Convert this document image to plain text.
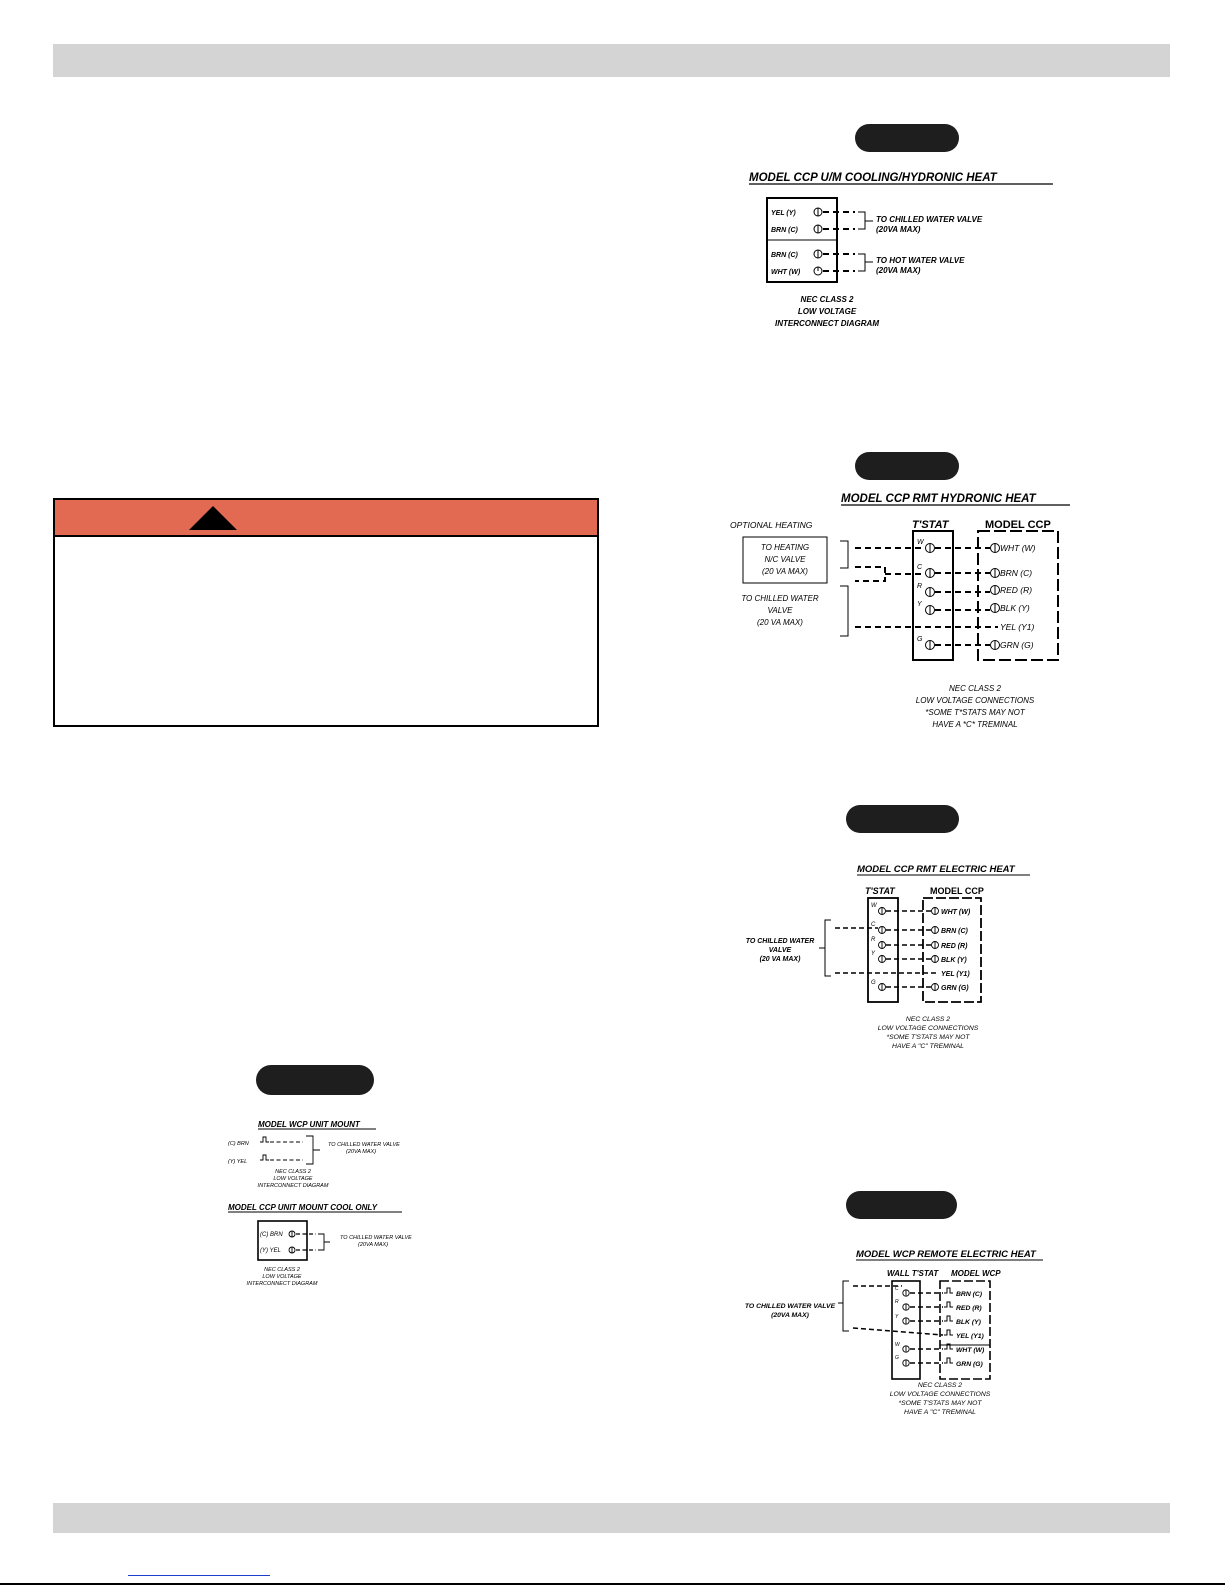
MODEL CCP U/M COOLING/HYDRONIC HEAT
YEL (Y)
BRN (C)
BRN (C)
WHT (W)
TO CHILLED WATER VALVE
(20VA MAX)
TO HOT WATER VALVE
(20VA MAX)
NEC CLASS 2
LOW VOLTAGE
INTERCONNECT DIAGRAM
MODEL CCP RMT HYDRONIC HEAT
OPTIONAL HEATING	T'STAT	MODEL CCP
TO HEATING
N/C VALVE
(20 VA MAX)
TO CHILLED WATER
VALVE
(20 VA MAX)
W
C
R
Y
G
WHT (W)
BRN (C)
RED (R)
BLK (Y)
YEL (Y1)
GRN (G)
NEC CLASS 2
LOW VOLTAGE CONNECTIONS
*SOME T*STATS MAY NOT
HAVE A *C* TREMINAL
MODEL CCP RMT ELECTRIC HEAT
T'STAT	MODEL CCP
W
C
R
Y
G
WHT (W)
BRN (C)
RED (R)
BLK (Y)
YEL (Y1)
GRN (G)
TO CHILLED WATER
VALVE
(20 VA MAX)
NEC CLASS 2
LOW VOLTAGE CONNECTIONS
*SOME T'STATS MAY NOT
HAVE A "C" TREMINAL
MODEL WCP REMOTE ELECTRIC HEAT
WALL T'STAT MODEL WCP
C
R
Y
W
G
BRN (C)
RED (R)
BLK (Y)
YEL (Y1)
WHT (W)
GRN (G)
TO CHILLED WATER VALVE
(20VA MAX)
NEC CLASS 2
LOW VOLTAGE CONNECTIONS
*SOME T'STATS MAY NOT
HAVE A "C" TREMINAL
MODEL WCP UNIT MOUNT
(C) BRN
(Y) YEL
TO CHILLED WATER VALVE
(20VA MAX)
NEC CLASS 2
LOW VOLTAGE
INTERCONNECT DIAGRAM
MODEL CCP UNIT MOUNT COOL ONLY
(C) BRN
(Y) YEL
TO CHILLED WATER VALVE
(20VA MAX)
NEC CLASS 2
LOW VOLTAGE
INTERCONNECT DIAGRAM
